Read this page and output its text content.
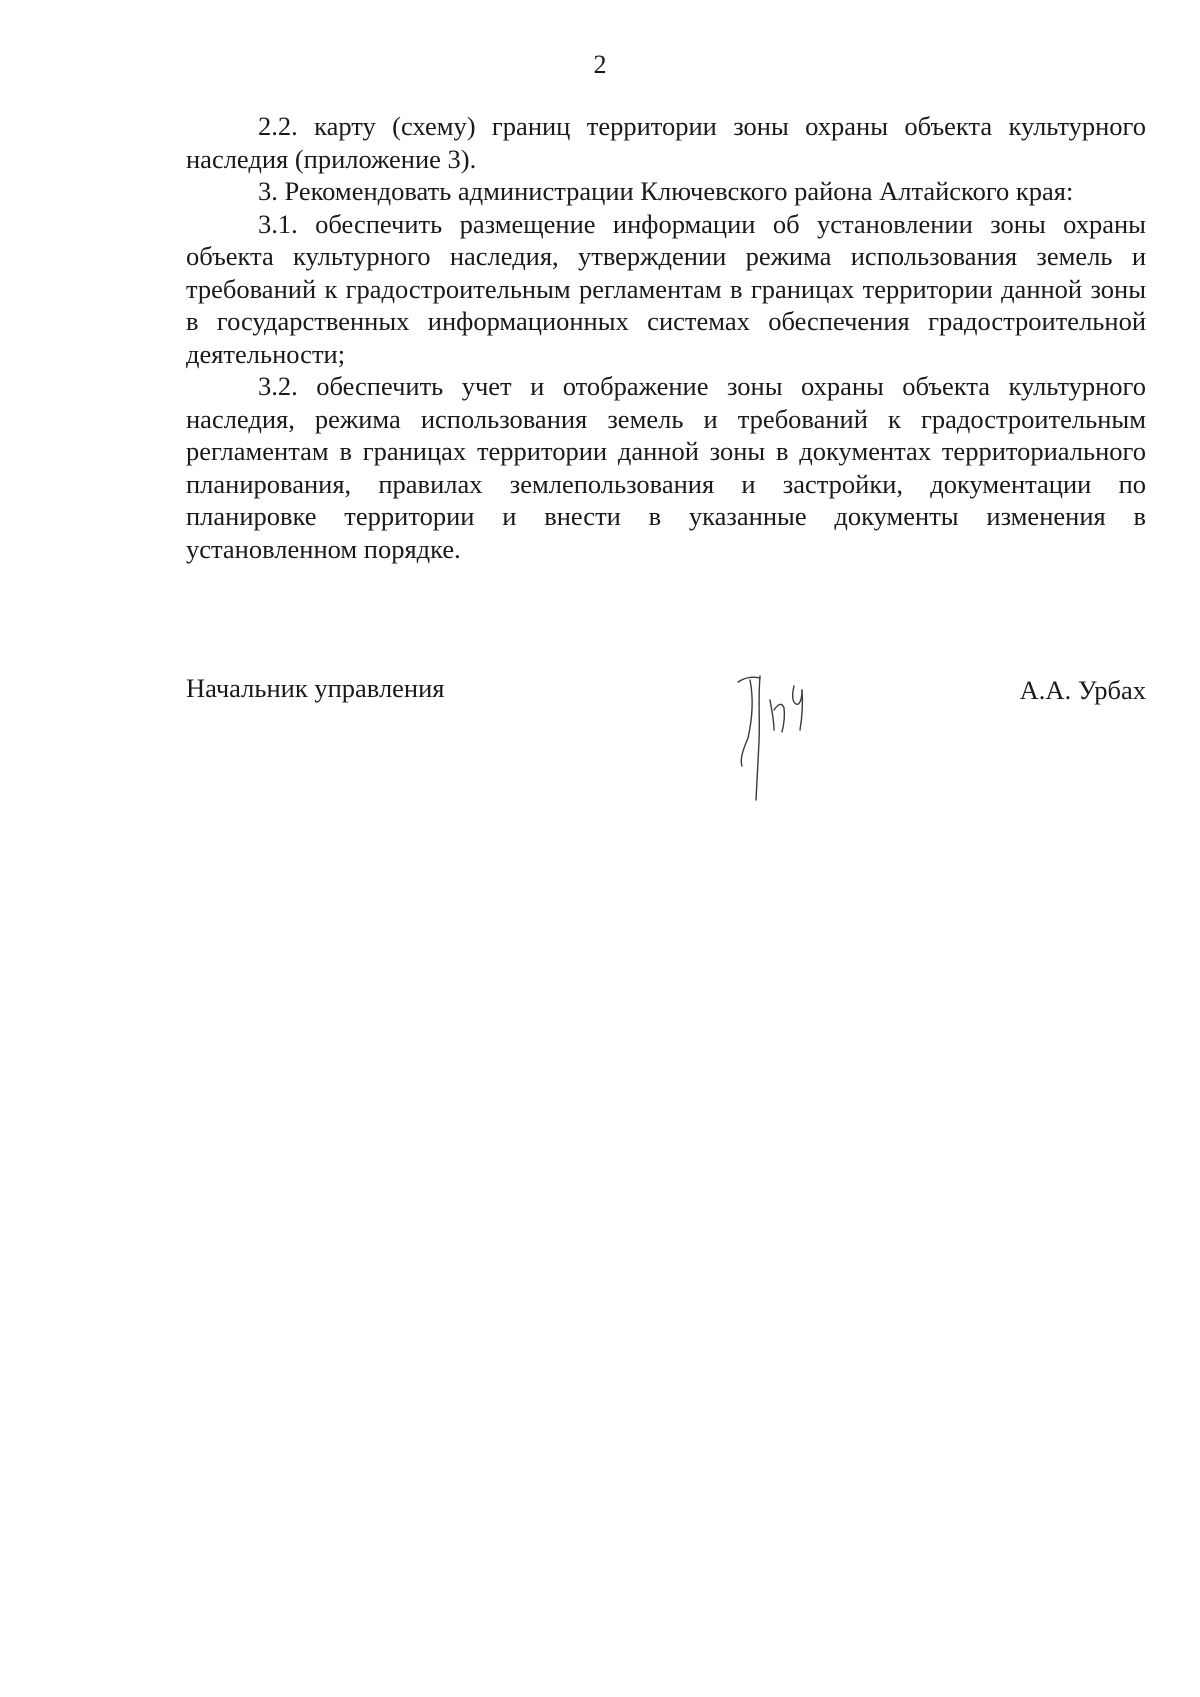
2

2.2. карту (схему) границ территории зоны охраны объекта культурного наследия (приложение 3).

3. Рекомендовать администрации Ключевского района Алтайского края:

3.1. обеспечить размещение информации об установлении зоны охраны объекта культурного наследия, утверждении режима использования земель и требований к градостроительным регламентам в границах территории данной зоны в государственных информационных системах обеспечения градостроительной деятельности;

3.2. обеспечить учет и отображение зоны охраны объекта культурного наследия, режима использования земель и требований к градостроительным регламентам в границах территории данной зоны в документах территориального планирования, правилах землепользования и застройки, документации по планировке территории и внести в указанные документы изменения в установленном порядке.

Начальник управления	А.А. Урбах
